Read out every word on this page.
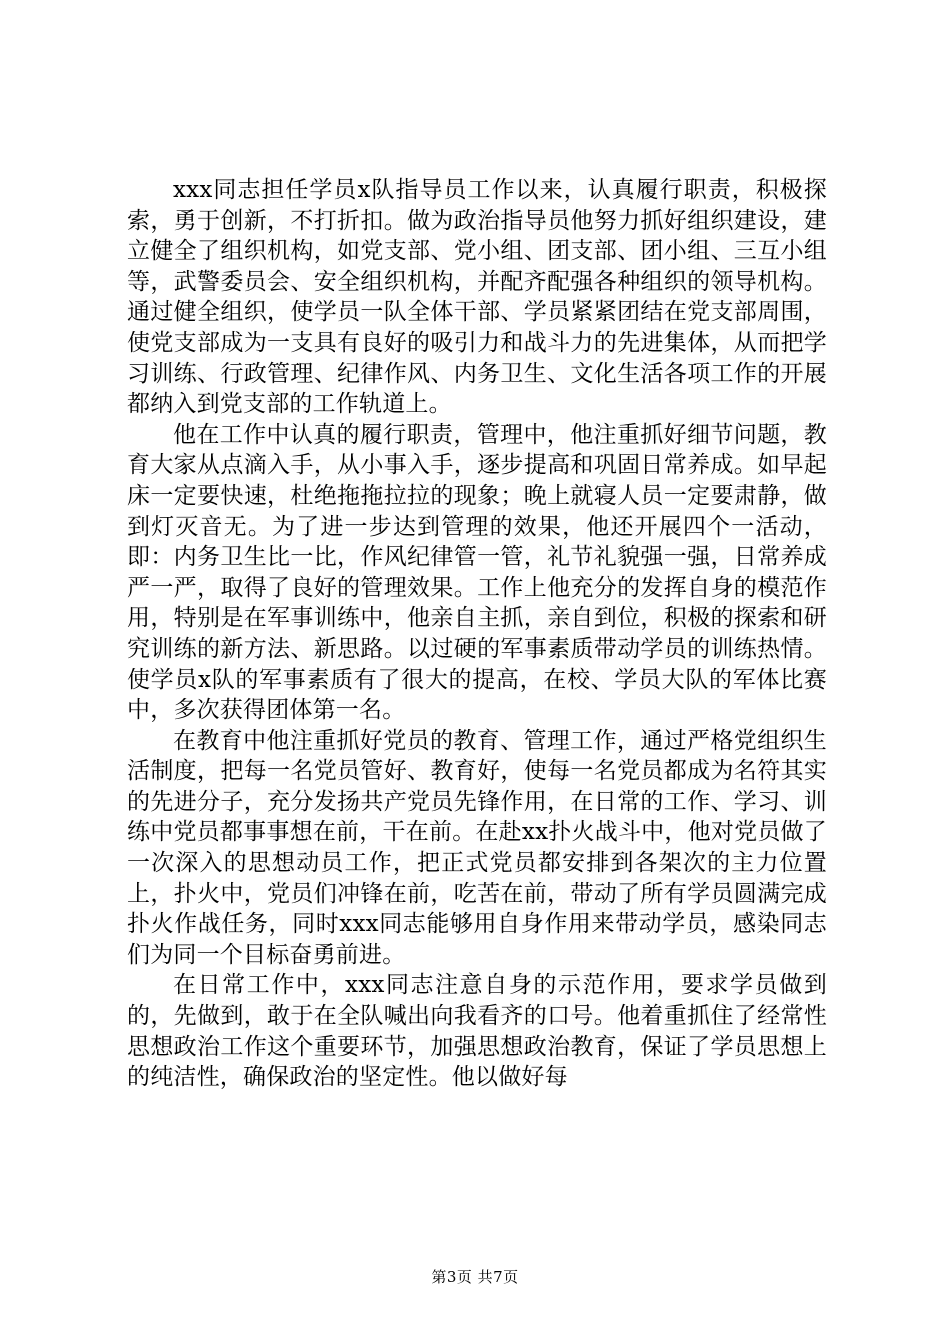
xxx同志担任学员x队指导员工作以来，认真履行职责，积极探索，勇于创新，不打折扣。做为政治指导员他努力抓好组织建设，建立健全了组织机构，如党支部、党小组、团支部、团小组、三互小组等，武警委员会、安全组织机构，并配齐配强各种组织的领导机构。通过健全组织，使学员一队全体干部、学员紧紧团结在党支部周围，使党支部成为一支具有良好的吸引力和战斗力的先进集体，从而把学习训练、行政管理、纪律作风、内务卫生、文化生活各项工作的开展都纳入到党支部的工作轨道上。

他在工作中认真的履行职责，管理中，他注重抓好细节问题，教育大家从点滴入手，从小事入手，逐步提高和巩固日常养成。如早起床一定要快速，杜绝拖拖拉拉的现象；晚上就寝人员一定要肃静，做到灯灭音无。为了进一步达到管理的效果，他还开展四个一活动，即：内务卫生比一比，作风纪律管一管，礼节礼貌强一强，日常养成严一严，取得了良好的管理效果。工作上他充分的发挥自身的模范作用，特别是在军事训练中，他亲自主抓，亲自到位，积极的探索和研究训练的新方法、新思路。以过硬的军事素质带动学员的训练热情。使学员x队的军事素质有了很大的提高，在校、学员大队的军体比赛中，多次获得团体第一名。

在教育中他注重抓好党员的教育、管理工作，通过严格党组织生活制度，把每一名党员管好、教育好，使每一名党员都成为名符其实的先进分子，充分发扬共产党员先锋作用，在日常的工作、学习、训练中党员都事事想在前，干在前。在赴xx扑火战斗中，他对党员做了一次深入的思想动员工作，把正式党员都安排到各架次的主力位置上，扑火中，党员们冲锋在前，吃苦在前，带动了所有学员圆满完成扑火作战任务，同时xxx同志能够用自身作用来带动学员，感染同志们为同一个目标奋勇前进。

在日常工作中，xxx同志注意自身的示范作用，要求学员做到的，先做到，敢于在全队喊出向我看齐的口号。他着重抓住了经常性思想政治工作这个重要环节，加强思想政治教育，保证了学员思想上的纯洁性，确保政治的坚定性。他以做好每

第3页 共7页
